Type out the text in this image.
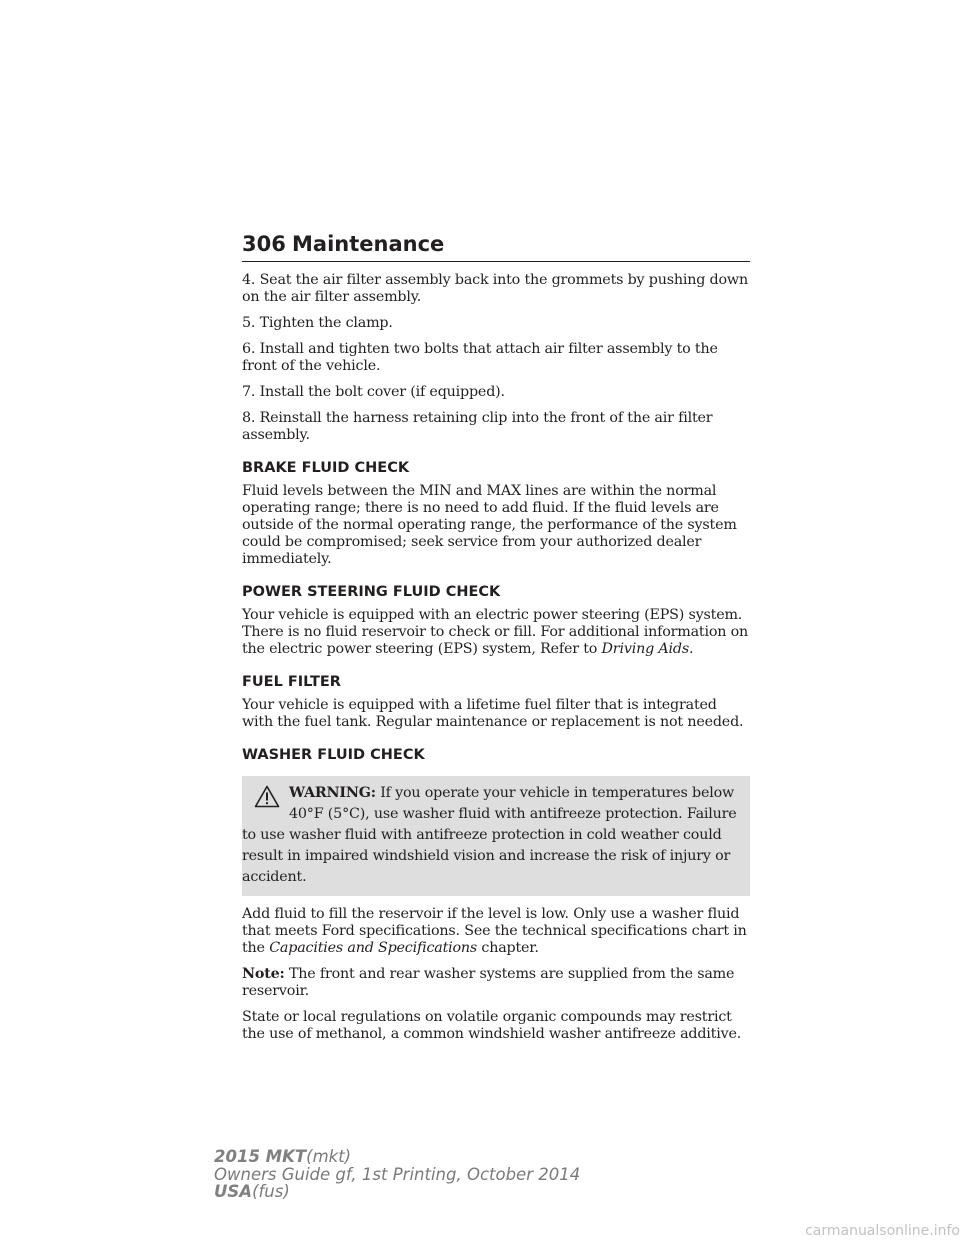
306 Maintenance

4. Seat the air filter assembly back into the grommets by pushing down on the air filter assembly.

5. Tighten the clamp.

6. Install and tighten two bolts that attach air filter assembly to the front of the vehicle.

7. Install the bolt cover (if equipped).

8. Reinstall the harness retaining clip into the front of the air filter assembly.

BRAKE FLUID CHECK

Fluid levels between the MIN and MAX lines are within the normal operating range; there is no need to add fluid. If the fluid levels are outside of the normal operating range, the performance of the system could be compromised; seek service from your authorized dealer immediately.

POWER STEERING FLUID CHECK

Your vehicle is equipped with an electric power steering (EPS) system. There is no fluid reservoir to check or fill. For additional information on the electric power steering (EPS) system, Refer to Driving Aids.

FUEL FILTER

Your vehicle is equipped with a lifetime fuel filter that is integrated with the fuel tank. Regular maintenance or replacement is not needed.

WASHER FLUID CHECK

WARNING: If you operate your vehicle in temperatures below
40°F (5°C), use washer fluid with antifreeze protection. Failure
to use washer fluid with antifreeze protection in cold weather could result in impaired windshield vision and increase the risk of injury or accident.

Add fluid to fill the reservoir if the level is low. Only use a washer fluid that meets Ford specifications. See the technical specifications chart in the Capacities and Specifications chapter.

Note: The front and rear washer systems are supplied from the same reservoir.

State or local regulations on volatile organic compounds may restrict the use of methanol, a common windshield washer antifreeze additive.

2015 MKT(mkt)
Owners Guide gf, 1st Printing, October 2014
USA(fus)
carmanualsonline.info
